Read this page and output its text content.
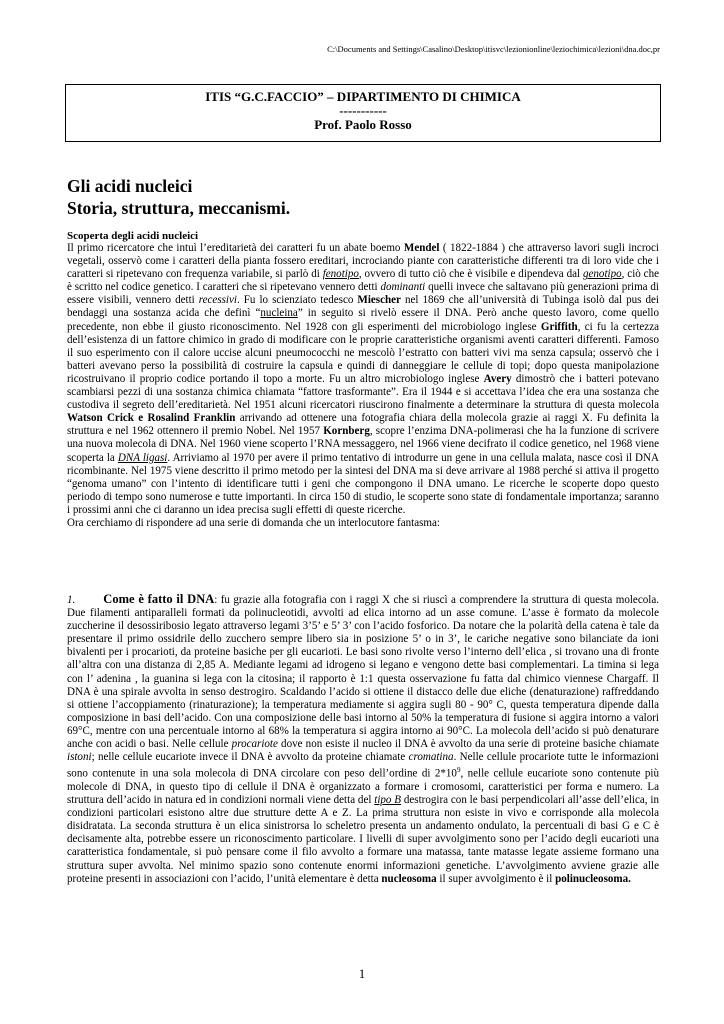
C:\Documents and Settings\Casalino\Desktop\itisvc\lezionionline\leziochimica\lezioni\dna.doc,pr
ITIS “G.C.FACCIO” – DIPARTIMENTO DI CHIMICA
-----------
Prof. Paolo Rosso
Gli acidi nucleici
Storia, struttura, meccanismi.
Scoperta degli acidi nucleici
Il primo ricercatore che intuì l’ereditarietà dei caratteri fu un abate boemo Mendel ( 1822-1884 ) che attraverso lavori sugli incroci vegetali, osservò come i caratteri della pianta fossero ereditari, incrociando piante con caratteristiche differenti tra di loro vide che i caratteri si ripetevano con frequenza variabile, si parlò di fenotipo, ovvero di tutto ciò che è visibile e dipendeva dal genotipo, ciò che è scritto nel codice genetico. I caratteri che si ripetevano vennero detti dominanti quelli invece che saltavano più generazioni prima di essere visibili, vennero detti recessivi. Fu lo scienziato tedesco Miescher nel 1869 che all’università di Tubinga isolò dal pus dei bendaggi una sostanza acida che definì “nucleina” in seguito si rivelò essere il DNA. Però anche questo lavoro, come quello precedente, non ebbe il giusto riconoscimento. Nel 1928 con gli esperimenti del microbiologo inglese Griffith, ci fu la certezza dell’esistenza di un fattore chimico in grado di modificare con le proprie caratteristiche organismi aventi caratteri differenti. Famoso il suo esperimento con il calore uccise alcuni pneumococchi ne mescolò l’estratto con batteri vivi ma senza capsula; osservò che i batteri avevano perso la possibilità di costruire la capsula e quindi di danneggiare le cellule di topi; dopo questa manipolazione ricostruivano il proprio codice portando il topo a morte. Fu un altro microbiologo inglese Avery dimostrò che i batteri potevano scambiarsi pezzi di una sostanza chimica chiamata “fattore trasformante”. Era il 1944 e si accettava l’idea che era una sostanza che custodiva il segreto dell’ereditarietà. Nel 1951 alcuni ricercatori riuscirono finalmente a determinare la struttura di questa molecola Watson Crick e Rosalind Franklin arrivando ad ottenere una fotografia chiara della molecola grazie ai raggi X. Fu definita la struttura e nel 1962 ottennero il premio Nobel. Nel 1957 Kornberg, scopre l’enzima DNA-polimerasi che ha la funzione di scrivere una nuova molecola di DNA. Nel 1960 viene scoperto l’RNA messaggero, nel 1966 viene decifrato il codice genetico, nel 1968 viene scoperta la DNA ligasi. Arriviamo al 1970 per avere il primo tentativo di introdurre un gene in una cellula malata, nasce così il DNA ricombinante. Nel 1975 viene descritto il primo metodo per la sintesi del DNA ma si deve arrivare al 1988 perché si attiva il progetto “genoma umano” con l’intento di identificare tutti i geni che compongono il DNA umano. Le ricerche le scoperte dopo questo periodo di tempo sono numerose e tutte importanti. In circa 150 di studio, le scoperte sono state di fondamentale importanza; saranno i prossimi anni che ci daranno un idea precisa sugli effetti di queste ricerche.
Ora cerchiamo di rispondere ad una serie di domanda che un interlocutore fantasma:
1. Come è fatto il DNA: fu grazie alla fotografia con i raggi X che si riuscì a comprendere la struttura di questa molecola. Due filamenti antiparalleli formati da polinucleotidi, avvolti ad elica intorno ad un asse comune. L’asse è formato da molecole zuccherine il desossiribosio legato attraverso legami 3’5’ e 5’ 3’ con l’acido fosforico. Da notare che la polarità della catena è tale da presentare il primo ossidrile dello zucchero sempre libero sia in posizione 5’ o in 3’, le cariche negative sono bilanciate da ioni bivalenti per i procarioti, da proteine basiche per gli eucarioti. Le basi sono rivolte verso l’interno dell’elica , si trovano una di fronte all’altra con una distanza di 2,85 A. Mediante legami ad idrogeno si legano e vengono dette basi complementari. La timina si lega con l’ adenina , la guanina si lega con la citosina; il rapporto è 1:1 questa osservazione fu fatta dal chimico viennese Chargaff. Il DNA è una spirale avvolta in senso destrogiro. Scaldando l’acido si ottiene il distacco delle due eliche (denaturazione) raffreddando si ottiene l’accoppiamento (rinaturazione); la temperatura mediamente si aggira sugli 80 - 90° C, questa temperatura dipende dalla composizione in basi dell’acido. Con una composizione delle basi intorno al 50% la temperatura di fusione si aggira intorno a valori 69°C, mentre con una percentuale intorno al 68% la temperatura si aggira intorno ai 90°C. La molecola dell’acido si può denaturare anche con acidi o basi. Nelle cellule procariote dove non esiste il nucleo il DNA è avvolto da una serie di proteine basiche chiamate istoni; nelle cellule eucariote invece il DNA è avvolto da proteine chiamate cromatina. Nelle cellule procariote tutte le informazioni sono contenute in una sola molecola di DNA circolare con peso dell’ordine di $2*10^9$, nelle cellule eucariote sono contenute più molecole di DNA, in questo tipo di cellule il DNA è organizzato a formare i cromosomi, caratteristici per forma e numero. La struttura dell’acido in natura ed in condizioni normali viene detta del tipo B destrogira con le basi perpendicolari all’asse dell’elica, in condizioni particolari esistono altre due strutture dette A e Z. La prima struttura non esiste in vivo e corrisponde alla molecola disidratata. La seconda struttura è un elica sinistrorsa lo scheletro presenta un andamento ondulato, la percentuali di basi G e C è decisamente alta, potrebbe essere un riconoscimento particolare. I livelli di super avvolgimento sono per l’acido degli eucarioti una caratteristica fondamentale, si può pensare come il filo avvolto a formare una matassa, tante matasse legate assieme formano una struttura super avvolta. Nel minimo spazio sono contenute enormi informazioni genetiche. L’avvolgimento avviene grazie alle proteine presenti in associazioni con l’acido, l’unità elementare è detta nucleosoma il super avvolgimento è il polinucleosoma.
1
